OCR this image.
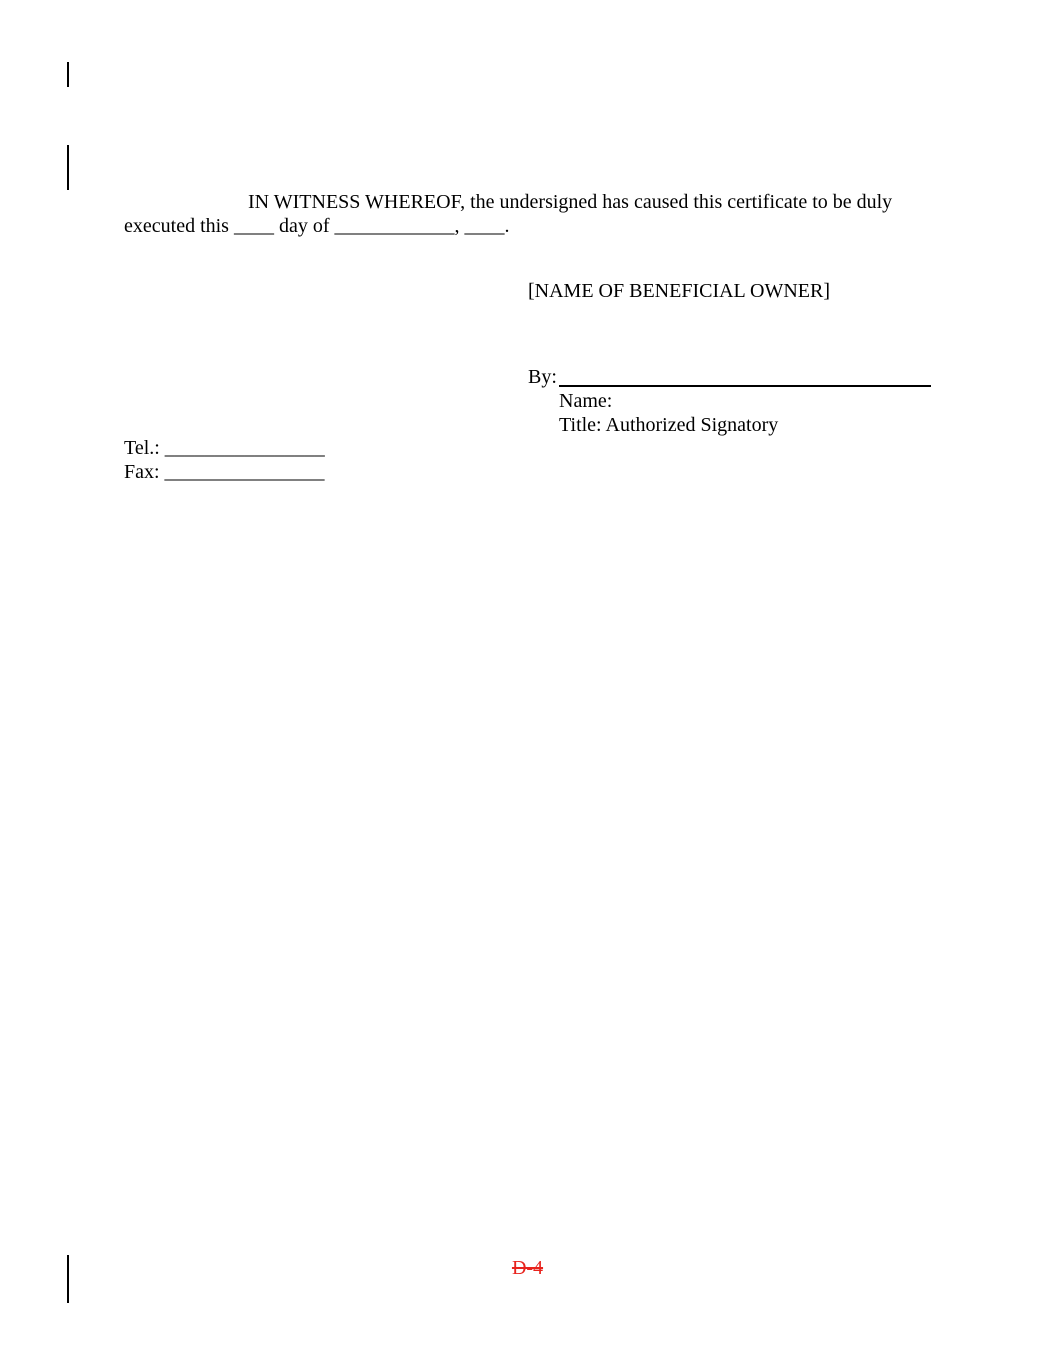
IN WITNESS WHEREOF, the undersigned has caused this certificate to be duly
executed this ____ day of ____________, ____.
[NAME OF BENEFICIAL OWNER]
By:
Name:
Title: Authorized Signatory
Tel.: ________________
Fax: ________________
D-4
